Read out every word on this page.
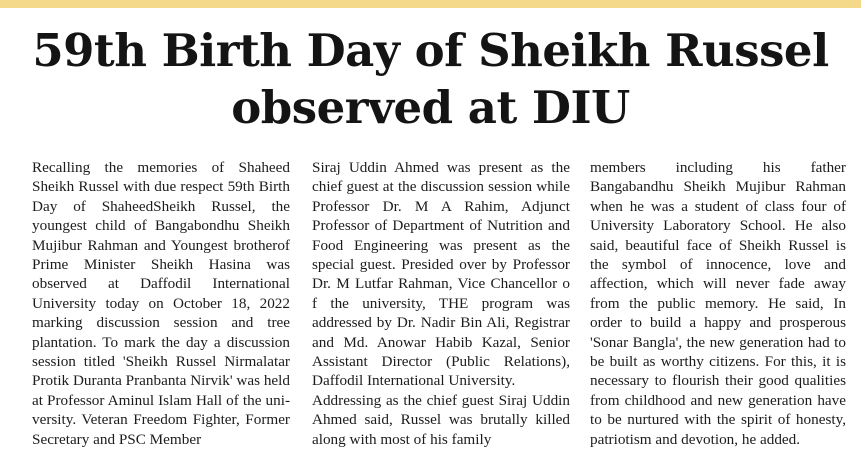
59th Birth Day of Sheikh Russel
observed at DIU

Recalling the memories of Shaheed Sheikh Russel with due respect 59th Birth Day of ShaheedSheikh Russel, the youngest child of Bangabondhu Sheikh Mujibur Rahman and Youngest brotherof Prime Minister Sheikh Hasina was observed at Daffodil International University today on October 18, 2022 marking discussion session and tree plantation. To mark the day a discussion session titled 'Sheikh Russel Nirmalatar Protik Duranta Pranbanta Nirvik' was held at Professor Aminul Islam Hall of the university. Veteran Freedom Fighter, Former Secretary and PSC Member

Siraj Uddin Ahmed was present as the chief guest at the discussion session while Professor Dr. M A Rahim, Adjunct Professor of Department of Nutrition and Food Engineering was present as the special guest. Presided over by Professor Dr. M Lutfar Rahman, Vice Chancellor o f the university, THE program was addressed by Dr. Nadir Bin Ali, Registrar and Md. Anowar Habib Kazal, Senior Assistant Director (Public Relations), Daffodil International University.

Addressing as the chief guest Siraj Uddin Ahmed said, Russel was brutally killed along with most of his family

members including his father Bangabandhu Sheikh Mujibur Rahman when he was a student of class four of University Laboratory School. He also said, beautiful face of Sheikh Russel is the symbol of innocence, love and affection, which will never fade away from the public memory. He said, In order to build a happy and prosperous 'Sonar Bangla', the new generation had to be built as worthy citizens. For this, it is necessary to flourish their good qualities from childhood and new generation have to be nurtured with the spirit of honesty, patriotism and devotion, he added.
